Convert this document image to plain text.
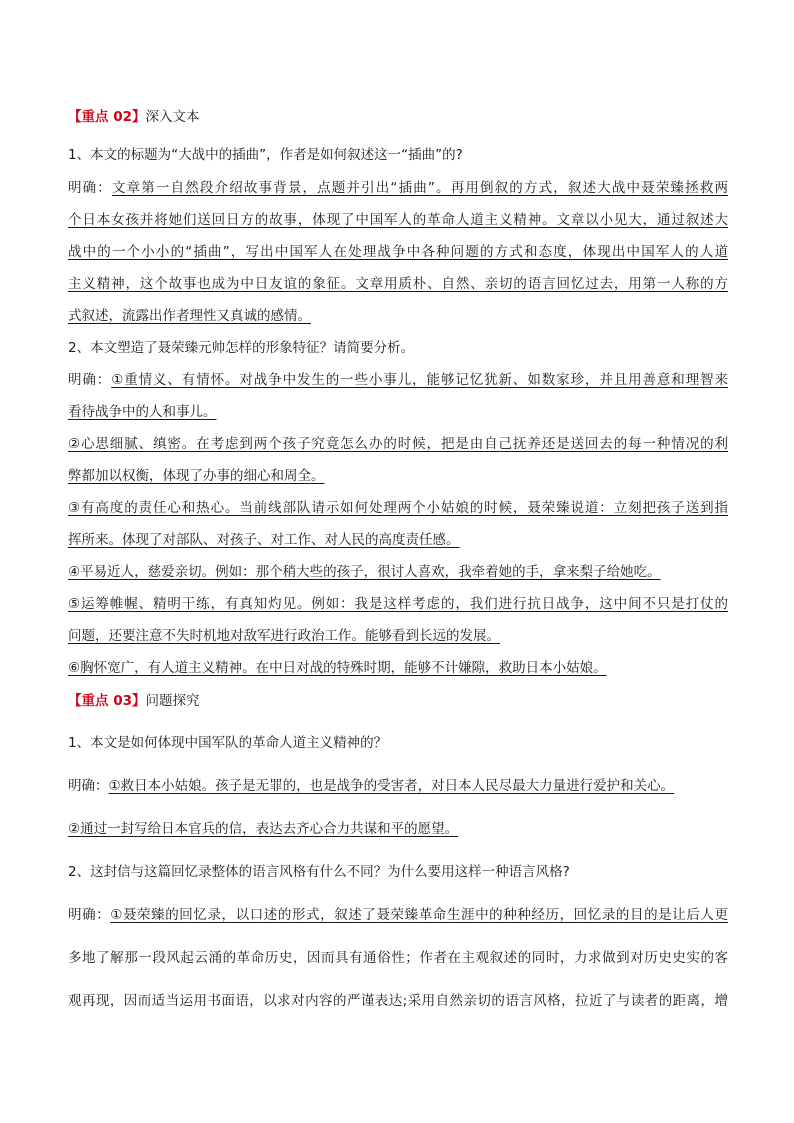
【重点 02】深入文本
1、本文的标题为“大战中的插曲”，作者是如何叙述这一“插曲”的?
明确：文章第一自然段介绍故事背景，点题并引出“插曲”。再用倒叙的方式，叙述大战中聂荣臻拯救两
个日本女孩并将她们送回日方的故事，体现了中国军人的革命人道主义精神。文章以小见大，通过叙述大
战中的一个小小的“插曲”，写出中国军人在处理战争中各种问题的方式和态度，体现出中国军人的人道
主义精神，这个故事也成为中日友谊的象征。文章用质朴、自然、亲切的语言回忆过去，用第一人称的方
式叙述，流露出作者理性又真诚的感情。
2、本文塑造了聂荣臻元帅怎样的形象特征？请简要分析。
明确：①重情义、有情怀。对战争中发生的一些小事儿，能够记忆犹新、如数家珍，并且用善意和理智来
看待战争中的人和事儿。
②心思细腻、缜密。在考虑到两个孩子究竟怎么办的时候，把是由自己抚养还是送回去的每一种情况的利
弊都加以权衡，体现了办事的细心和周全。
③有高度的责任心和热心。当前线部队请示如何处理两个小姑娘的时候，聂荣臻说道：立刻把孩子送到指
挥所来。体现了对部队、对孩子、对工作、对人民的高度责任感。
④平易近人，慈爱亲切。例如：那个稍大些的孩子，很讨人喜欢，我牵着她的手，拿来梨子给她吃。
⑤运筹帷幄、精明干练，有真知灼见。例如：我是这样考虑的，我们进行抗日战争，这中间不只是打仗的
问题，还要注意不失时机地对敌军进行政治工作。能够看到长远的发展。
⑥胸怀宽广，有人道主义精神。在中日对战的特殊时期，能够不计嫌隙，救助日本小姑娘。
【重点 03】问题探究
1、本文是如何体现中国军队的革命人道主义精神的？
明确：①救日本小姑娘。孩子是无罪的，也是战争的受害者，对日本人民尽最大力量进行爱护和关心。
②通过一封写给日本官兵的信，表达去齐心合力共谋和平的愿望。
2、这封信与这篇回忆录整体的语言风格有什么不同？为什么要用这样一种语言风格?
明确：①聂荣臻的回忆录，以口述的形式，叙述了聂荣臻革命生涯中的种种经历，回忆录的目的是让后人更
多地了解那一段风起云涌的革命历史，因而具有通俗性；作者在主观叙述的同时，力求做到对历史史实的客
观再现，因而适当运用书面语，以求对内容的严谨表达;采用自然亲切的语言风格，拉近了与读者的距离，增
